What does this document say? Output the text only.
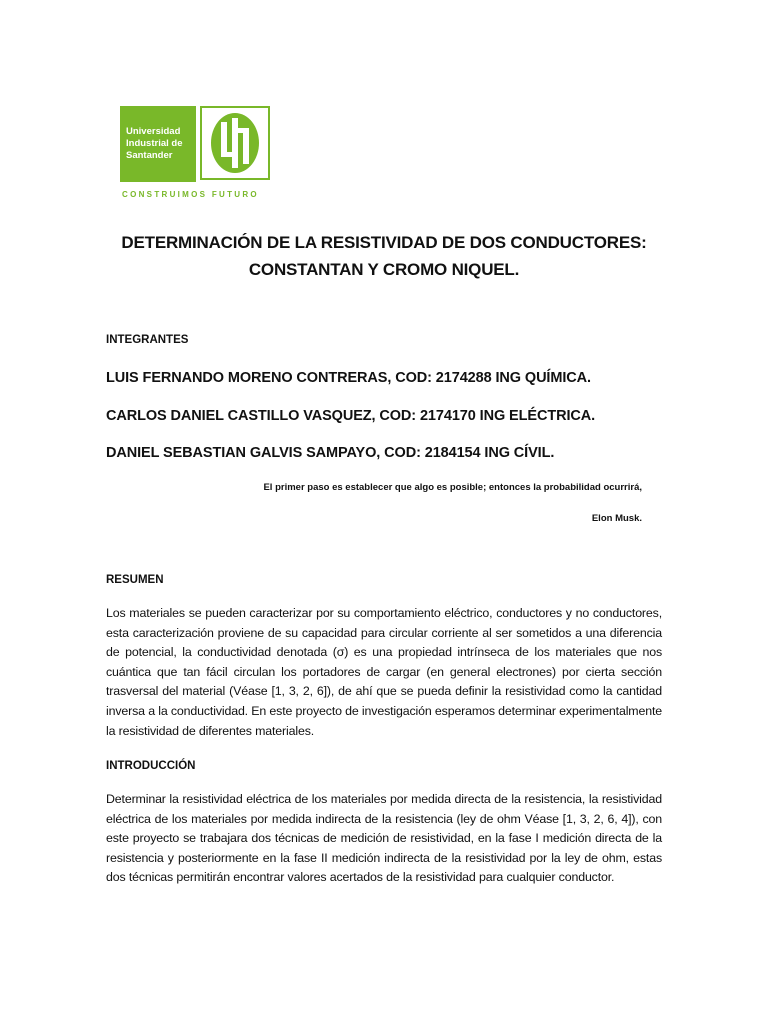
Universidad
Industrial de
Santander
CONSTRUIMOS FUTURO
DETERMINACIÓN DE LA RESISTIVIDAD DE DOS CONDUCTORES:
CONSTANTAN Y CROMO NIQUEL.
INTEGRANTES
LUIS FERNANDO MORENO CONTRERAS, COD: 2174288 ING QUÍMICA.
CARLOS DANIEL CASTILLO VASQUEZ, COD: 2174170 ING ELÉCTRICA.
DANIEL SEBASTIAN GALVIS SAMPAYO, COD: 2184154 ING CÍVIL.
El primer paso es establecer que algo es posible; entonces la probabilidad ocurrirá,
Elon Musk.
RESUMEN
Los materiales se pueden caracterizar por su comportamiento eléctrico, conductores y no conductores, esta caracterización proviene de su capacidad para circular corriente al ser sometidos a una diferencia de potencial, la conductividad denotada (σ) es una propiedad intrínseca de los materiales que nos cuántica que tan fácil circulan los portadores de cargar (en general electrones) por cierta sección trasversal del material (Véase [1, 3, 2, 6]), de ahí que se pueda definir la resistividad como la cantidad inversa a la conductividad. En este proyecto de investigación esperamos determinar experimentalmente la resistividad de diferentes materiales.
INTRODUCCIÓN
Determinar la resistividad eléctrica de los materiales por medida directa de la resistencia, la resistividad eléctrica de los materiales por medida indirecta de la resistencia (ley de ohm Véase [1, 3, 2, 6, 4]), con este proyecto se trabajara dos técnicas de medición de resistividad, en la fase I medición directa de la resistencia y posteriormente en la fase II medición indirecta de la resistividad por la ley de ohm, estas dos técnicas permitirán encontrar valores acertados de la resistividad para cualquier conductor.
